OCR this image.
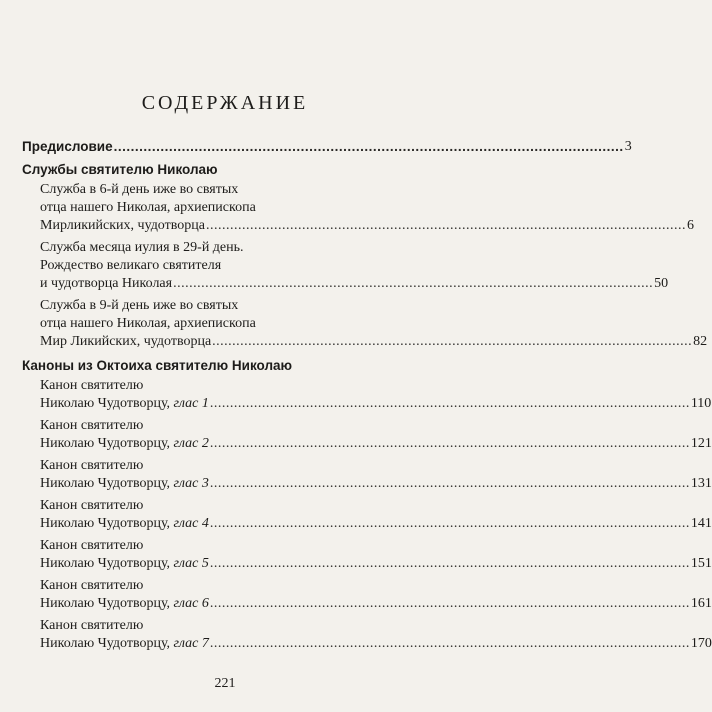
СОДЕРЖАНИЕ
Предисловие ........................................................................................................................ 3
Службы святителю Николаю
Служба в 6-й день иже во святых
отца нашего Николая, архиепископа
Мирликийских, чудотворца ........................................................................................................................ 6
Служба месяца иулия в 29-й день.
Рождество великаго святителя
и чудотворца Николая ........................................................................................................................ 50
Служба в 9-й день иже во святых
отца нашего Николая, архиепископа
Мир Ликийских, чудотворца ........................................................................................................................ 82
Каноны из Октоиха святителю Николаю
Канон святителю
Николаю Чудотворцу, глас 1 ........................................................................................................................ 110
Канон святителю
Николаю Чудотворцу, глас 2 ........................................................................................................................ 121
Канон святителю
Николаю Чудотворцу, глас 3 ........................................................................................................................ 131
Канон святителю
Николаю Чудотворцу, глас 4 ........................................................................................................................ 141
Канон святителю
Николаю Чудотворцу, глас 5 ........................................................................................................................ 151
Канон святителю
Николаю Чудотворцу, глас 6 ........................................................................................................................ 161
Канон святителю
Николаю Чудотворцу, глас 7 ........................................................................................................................ 170
221
